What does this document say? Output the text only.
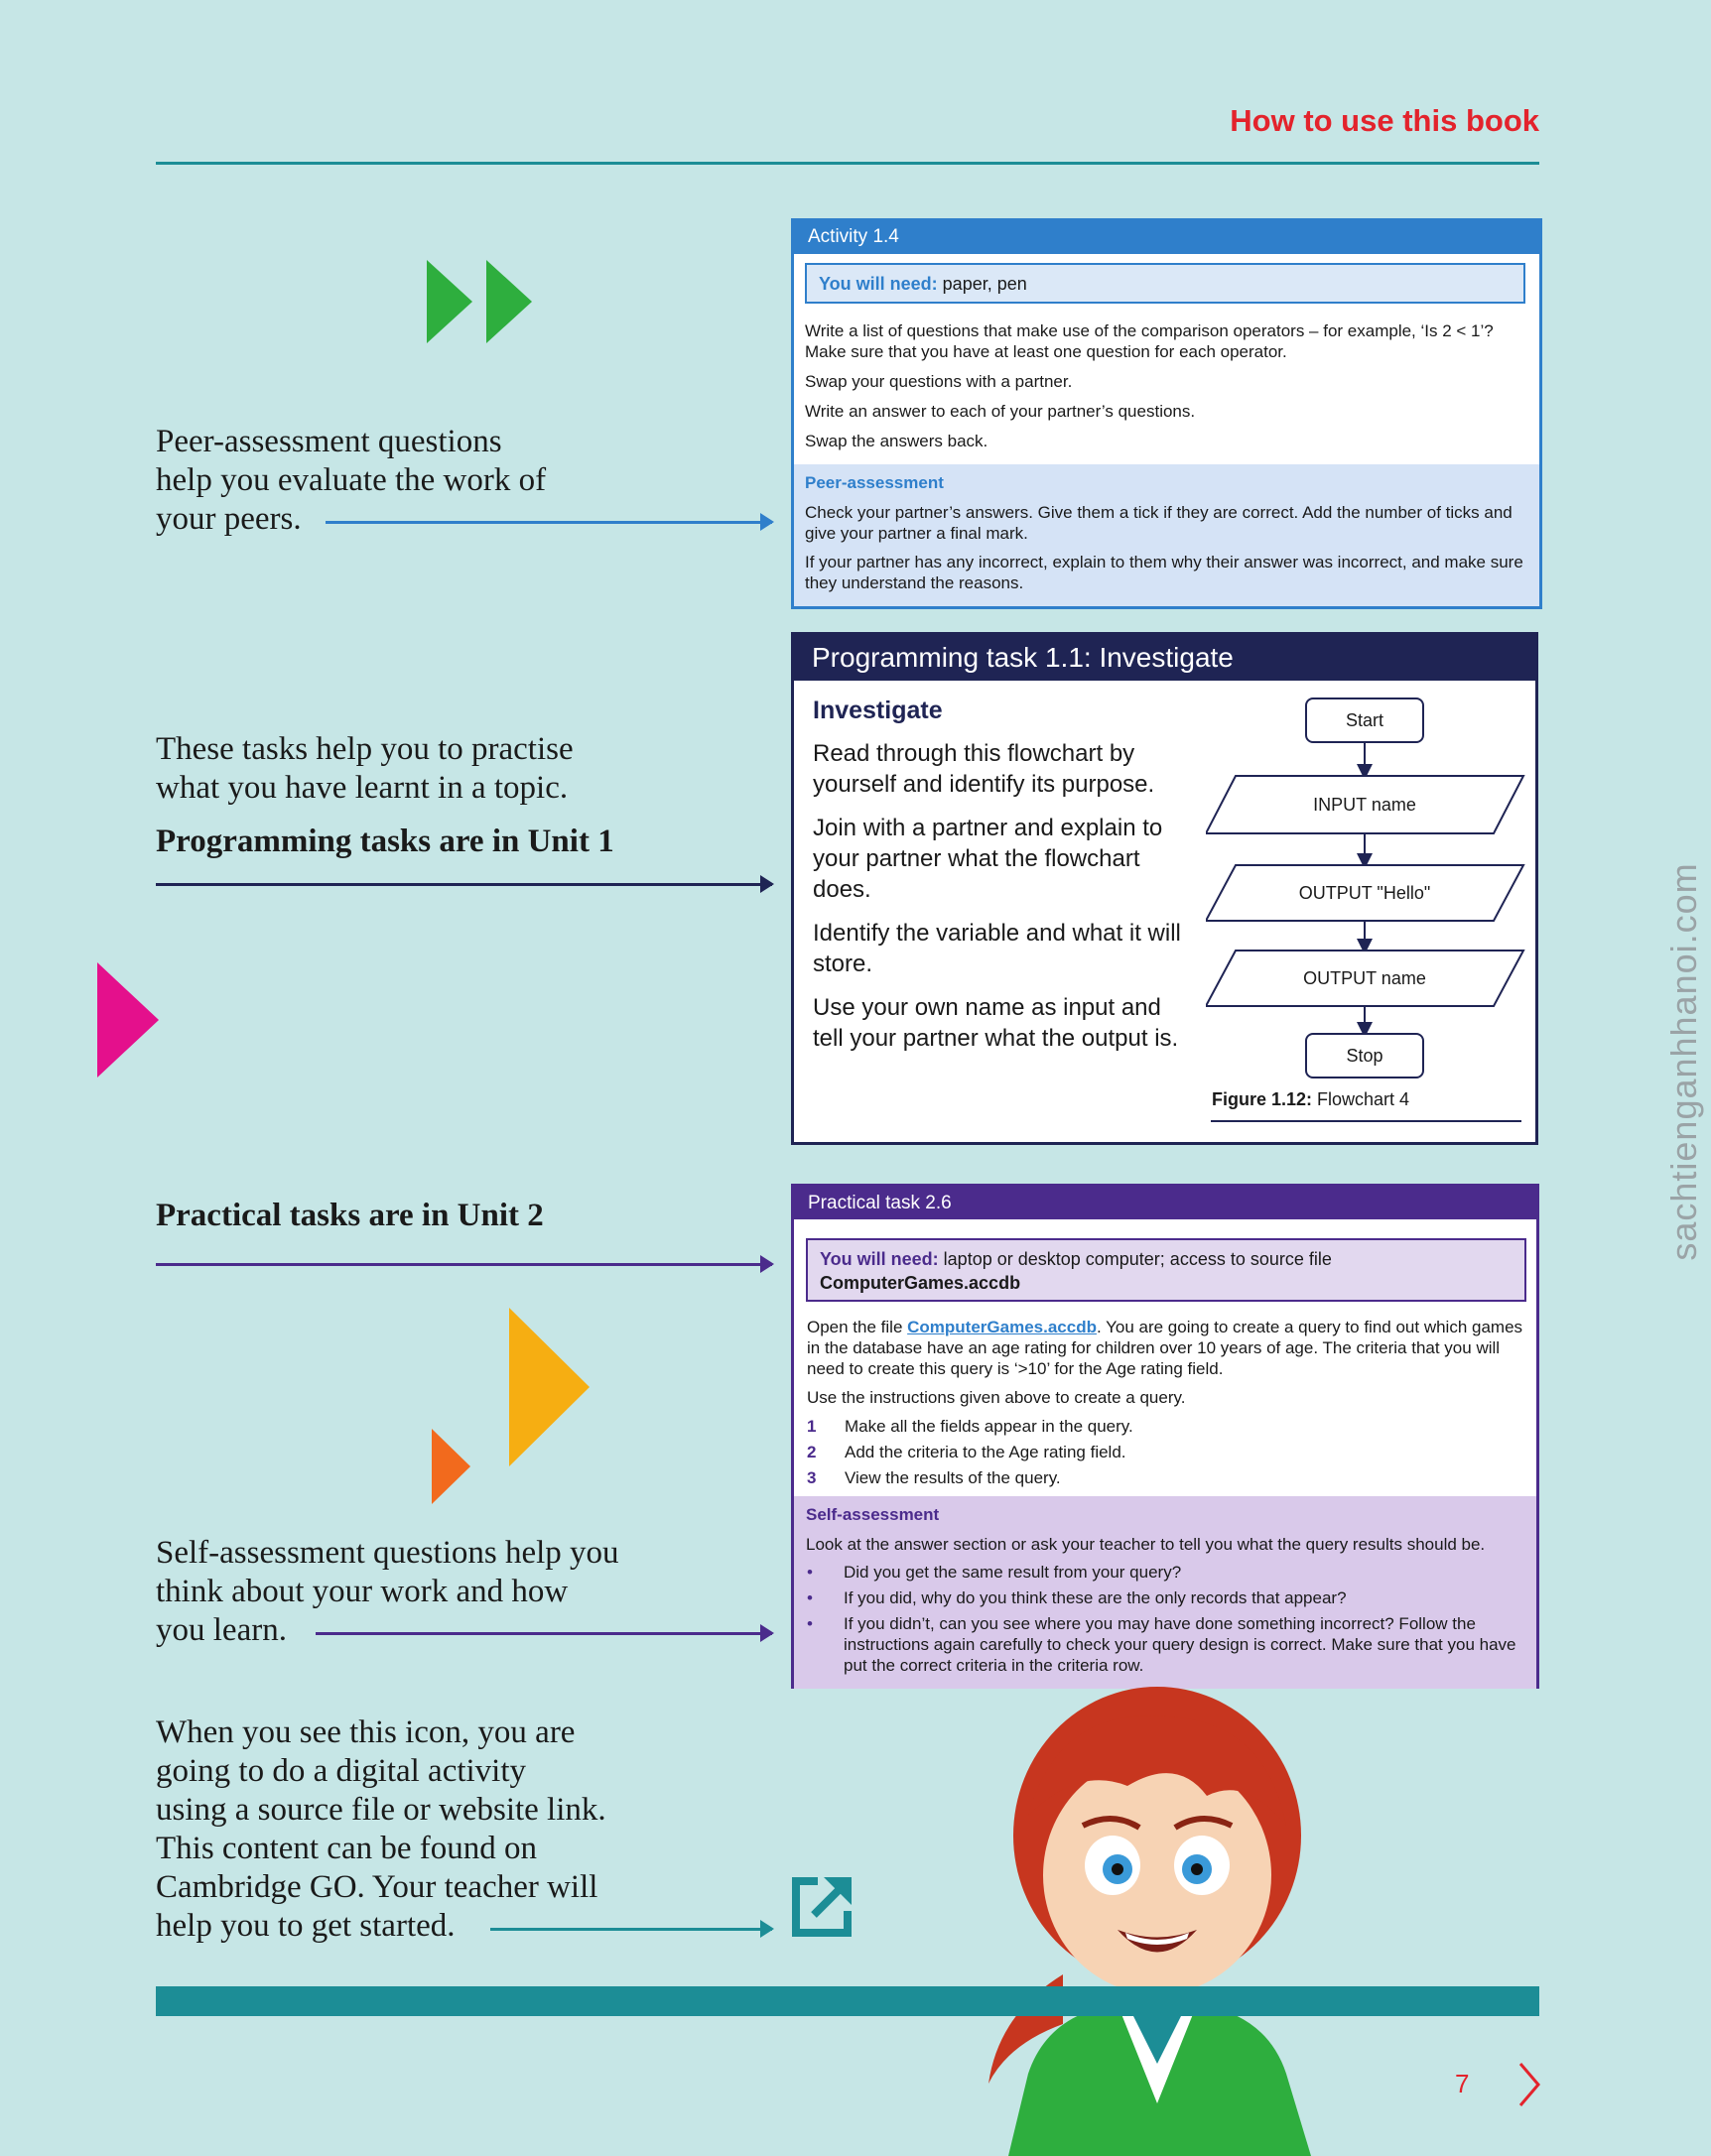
How to use this book
Peer-assessment questions
help you evaluate the work of
your peers.
Activity 1.4
You will need: paper, pen

Write a list of questions that make use of the comparison operators – for example, ‘Is 2 < 1’? Make sure that you have at least one question for each operator.

Swap your questions with a partner.

Write an answer to each of your partner’s questions.

Swap the answers back.

Peer-assessment

Check your partner’s answers. Give them a tick if they are correct. Add the number of ticks and give your partner a final mark.

If your partner has any incorrect, explain to them why their answer was incorrect, and make sure they understand the reasons.

These tasks help you to practise
what you have learnt in a topic.
Programming tasks are in Unit 1
Programming task 1.1: Investigate
Investigate

Read through this flowchart by yourself and identify its purpose.

Join with a partner and explain to your partner what the flowchart does.

Identify the variable and what it will store.

Use your own name as input and tell your partner what the output is.

Start
INPUT name
OUTPUT "Hello"
OUTPUT name
Stop
Figure 1.12: Flowchart 4
Practical tasks are in Unit 2	Practical task 2.6
You will need: laptop or desktop computer; access to source file
ComputerGames.accdb

Open the file ComputerGames.accdb. You are going to create a query to find out which games in the database have an age rating for children over 10 years of age. The criteria that you will need to create this query is ‘>10’ for the Age rating field.

Use the instructions given above to create a query.

1 Make all the fields appear in the query.
2 Add the criteria to the Age rating field.
3 View the results of the query.
Self-assessment

Look at the answer section or ask your teacher to tell you what the query results should be.

• Did you get the same result from your query?
• If you did, why do you think these are the only records that appear?
• If you didn’t, can you see where you may have done something incorrect? Follow the instructions again carefully to check your query design is correct. Make sure that you have put the correct criteria in the criteria row.
Self-assessment questions help you
think about your work and how
you learn.
When you see this icon, you are
going to do a digital activity
using a source file or website link.
This content can be found on
Cambridge GO. Your teacher will
help you to get started.
7
sachtienganhhanoi.com
